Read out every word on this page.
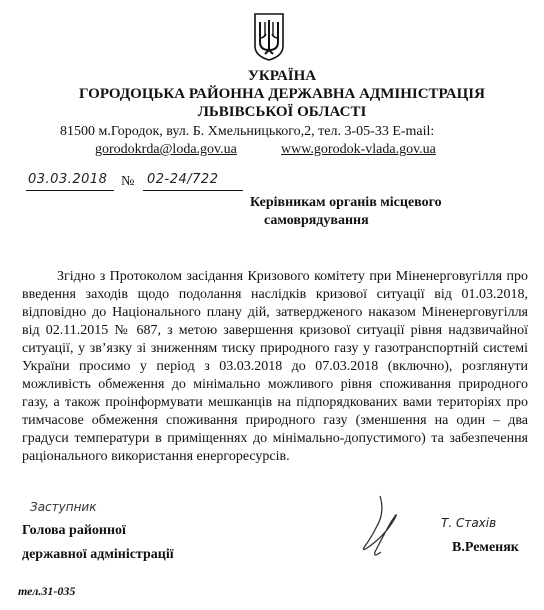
УКРАЇНА
ГОРОДОЦЬКА РАЙОННА ДЕРЖАВНА АДМІНІСТРАЦІЯ
ЛЬВІВСЬКОЇ ОБЛАСТІ
81500 м.Городок, вул. Б. Хмельницького,2, тел. 3-05-33 E-mail:
gorodokrda@loda.gov.ua	www.gorodok-vlada.gov.ua
03.03.2018 № 02-24/722
Керівникам органів місцевого
самоврядування
Згідно з Протоколом засідання Кризового комітету при Міненерговугілля про введення заходів щодо подолання наслідків кризової ситуації від 01.03.2018, відповідно до Національного плану дій, затвердженого наказом Міненерговугілля від 02.11.2015 № 687, з метою завершення кризової ситуації рівня надзвичайної ситуації, у зв’язку зі зниженням тиску природного газу у газотранспортній системі України просимо у період з 03.03.2018 до 07.03.2018 (включно), розглянути можливість обмеження до мінімально можливого рівня споживання природного газу, а також проінформувати мешканців на підпорядкованих вами територіях про тимчасове обмеження споживання природного газу (зменшення на один – два градуси температури в приміщеннях до мінімально-допустимого) та забезпечення раціонального використання енергоресурсів.
Заступник
Голова районної
державної адміністрації
Т. Стахів
В.Ременяк
тел.31-035
